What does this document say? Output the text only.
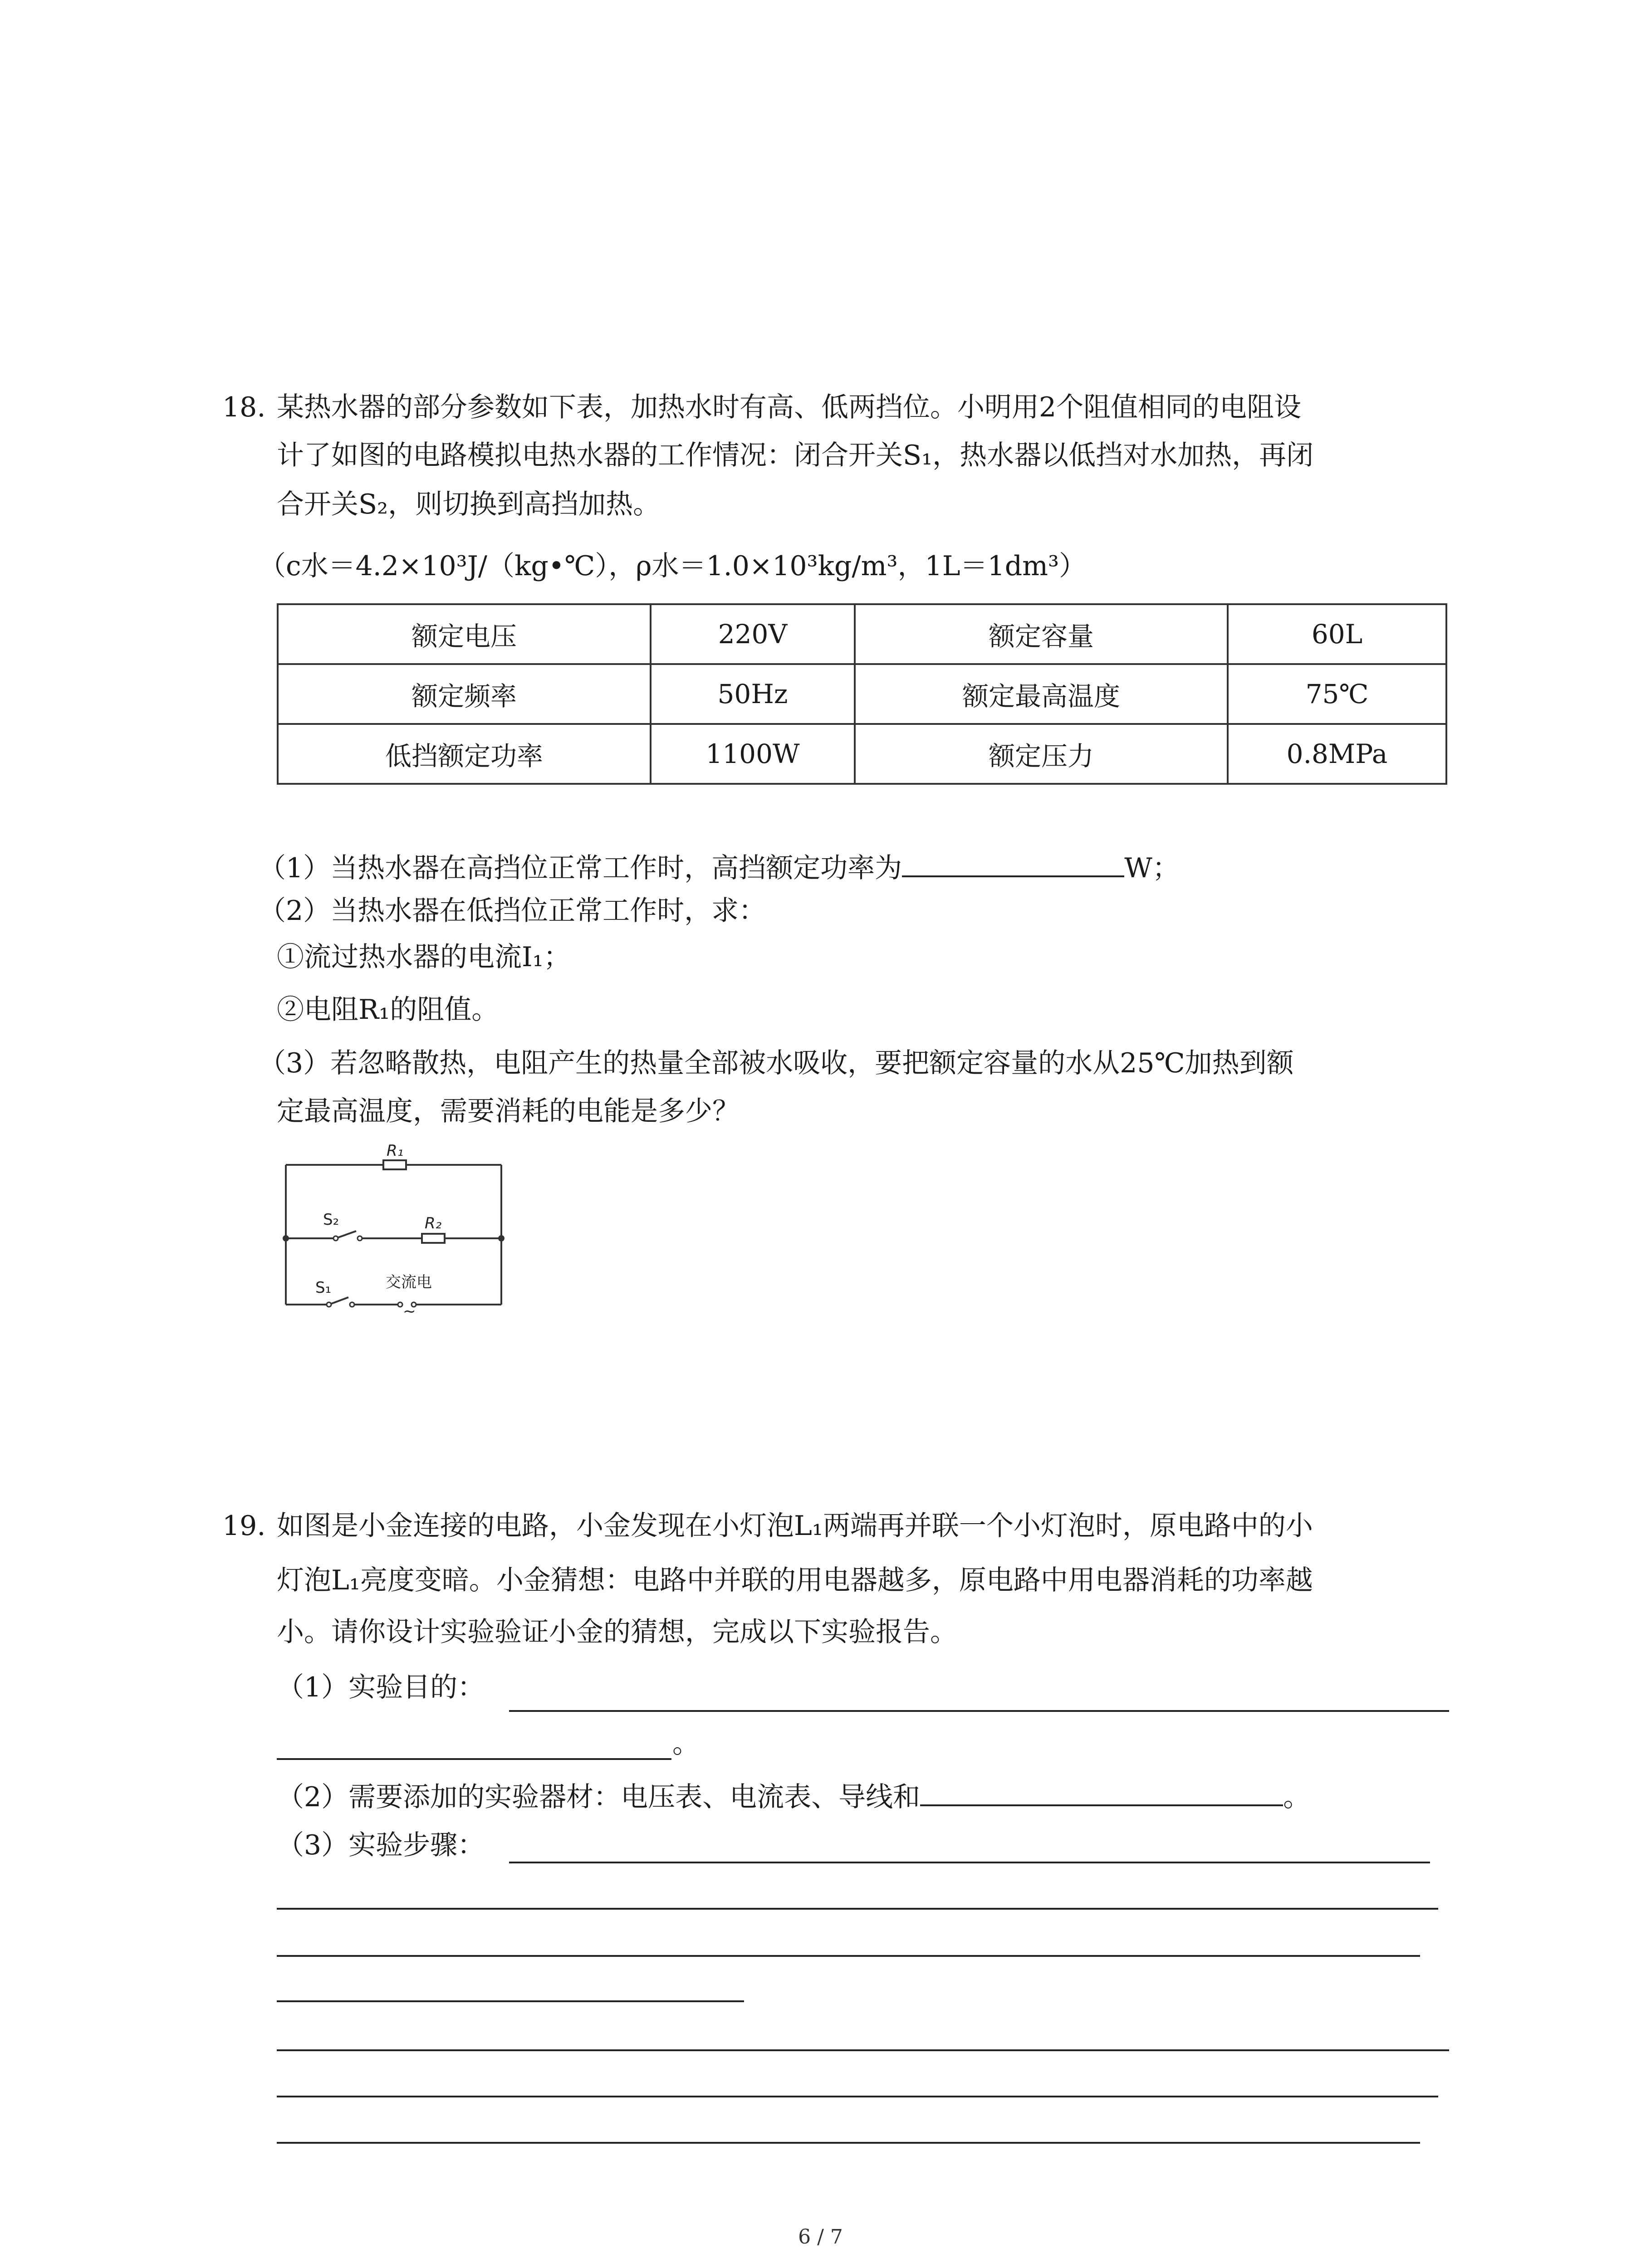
18. 某热水器的部分参数如下表，加热水时有高、低两挡位。小明用2个阻值相同的电阻设
计了如图的电路模拟电热水器的工作情况：闭合开关S₁，热水器以低挡对水加热，再闭
合开关S₂，则切换到高挡加热。
（c水＝4.2×10³J/（kg•℃），ρ水＝1.0×10³kg/m³，1L＝1dm³）
额定电压	220V	额定容量	60L
额定频率	50Hz	额定最高温度	75℃
低挡额定功率	1100W	额定压力	0.8MPa
（1）当热水器在高挡位正常工作时，高挡额定功率为	W；
（2）当热水器在低挡位正常工作时，求：
①流过热水器的电流I₁；
②电阻R₁的阻值。
（3）若忽略散热，电阻产生的热量全部被水吸收，要把额定容量的水从25℃加热到额
定最高温度，需要消耗的电能是多少？
R₁
S₂	R₂
S₁	交流电
~
19. 如图是小金连接的电路，小金发现在小灯泡L₁两端再并联一个小灯泡时，原电路中的小
灯泡L₁亮度变暗。小金猜想：电路中并联的用电器越多，原电路中用电器消耗的功率越
小。请你设计实验验证小金的猜想，完成以下实验报告。
（1）实验目的：
。
（2）需要添加的实验器材：电压表、电流表、导线和	。
（3）实验步骤：
6 / 7
